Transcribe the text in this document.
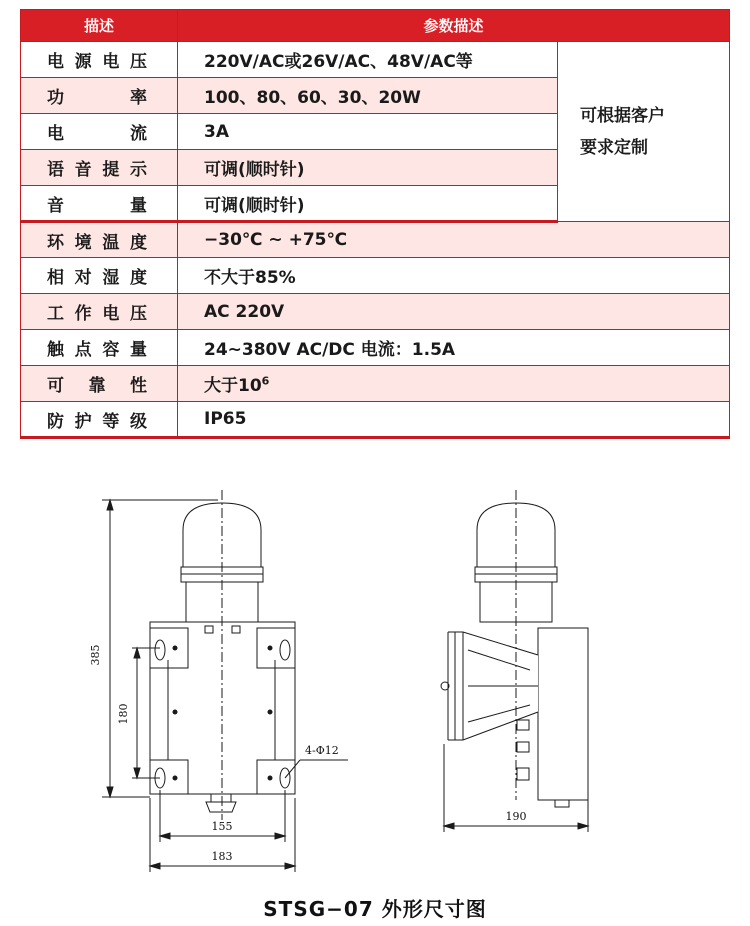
描述	参数描述	
电源电压	220V/AC或26V/AC、48V/AC等	可根据客户
要求定制

功　率	100、80、60、30、20W	
电　流	3A	
语音提示	可调(顺时针)	
音　量	可调(顺时针)	
环境温度	−30℃ ~ +75℃	
相对湿度	不大于85%	
工作电压	AC 220V	
触点容量	24~380V AC/DC 电流：1.5A	
可 靠 性	大于$10^6$
防护等级	IP65	
385
180
155
183
4-Φ12
190
STSG−07 外形尺寸图
